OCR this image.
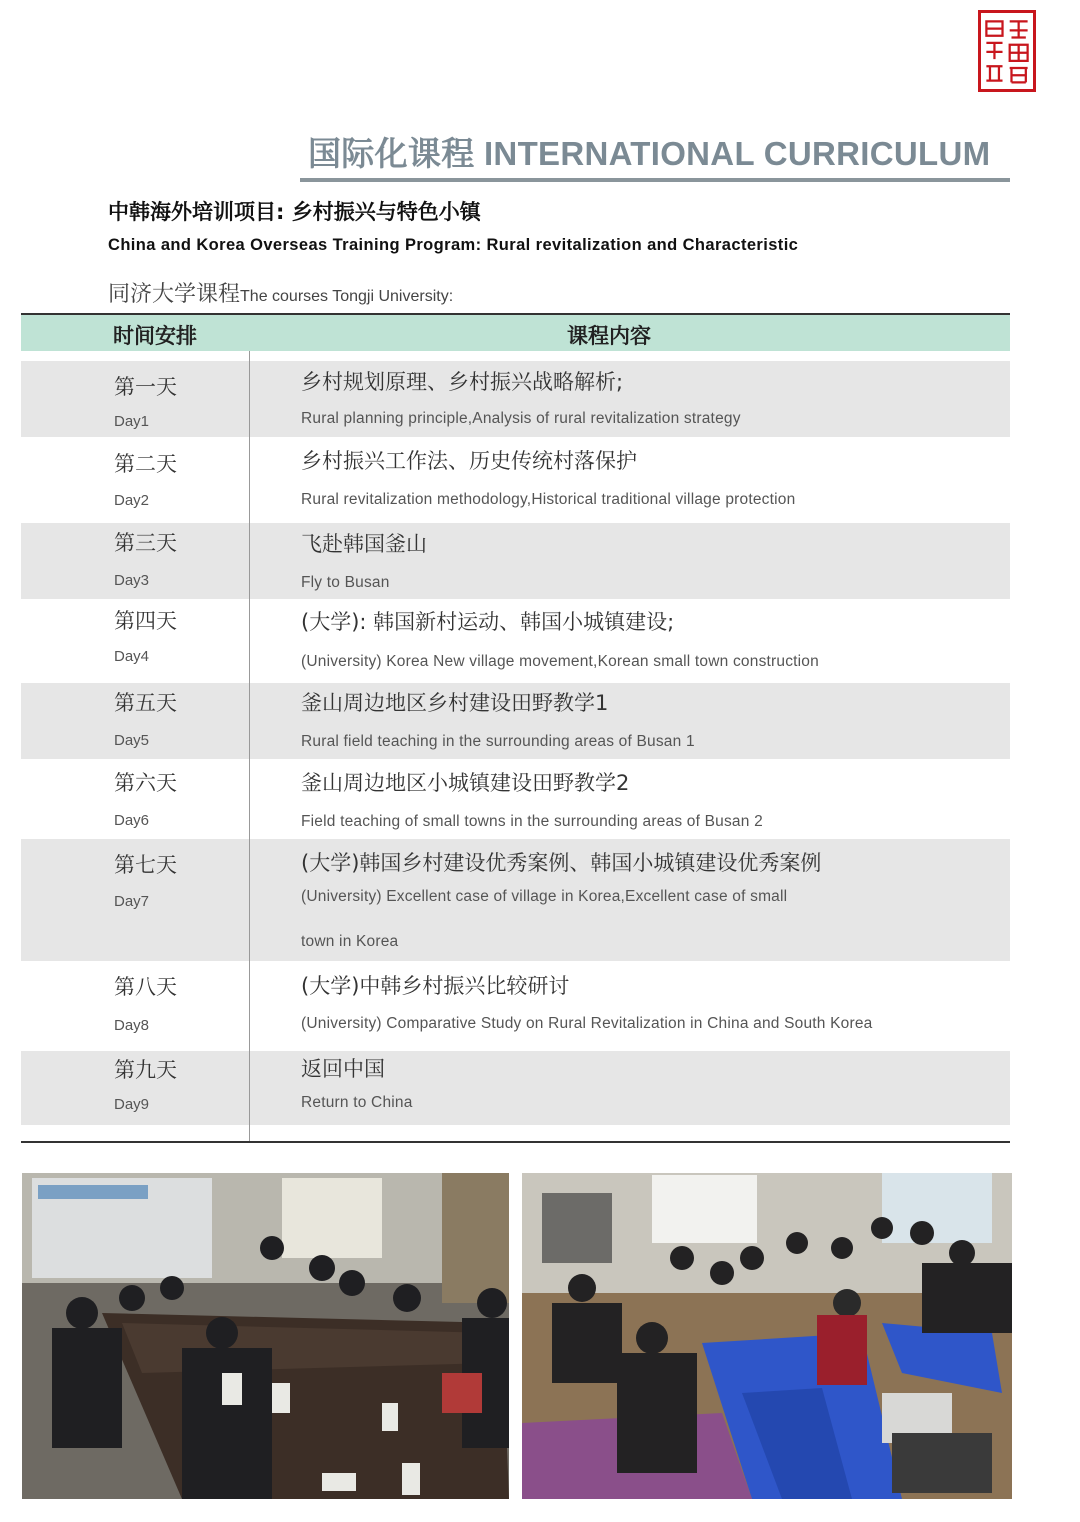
国际化课程 INTERNATIONAL CURRICULUM
中韩海外培训项目: 乡村振兴与特色小镇
China and Korea Overseas Training Program: Rural revitalization and Characteristic
同济大学课程The courses Tongji University:
时间安排	课程内容
第一天
Day1
乡村规划原理、乡村振兴战略解析;
Rural planning principle,Analysis of rural revitalization strategy
第二天
Day2
乡村振兴工作法、历史传统村落保护
Rural revitalization methodology,Historical traditional village protection
第三天
Day3
飞赴韩国釜山
Fly to Busan
第四天
Day4
(大学): 韩国新村运动、韩国小城镇建设;
(University) Korea New village movement,Korean small town construction
第五天
Day5
釜山周边地区乡村建设田野教学1
Rural field teaching in the surrounding areas of Busan 1
第六天
Day6
釜山周边地区小城镇建设田野教学2
Field teaching of small towns in the surrounding areas of Busan 2
第七天
Day7
(大学)韩国乡村建设优秀案例、韩国小城镇建设优秀案例
(University) Excellent case of village in Korea,Excellent case of small
town in Korea
第八天
Day8
(大学)中韩乡村振兴比较研讨
(University) Comparative Study on Rural Revitalization in China and South Korea
第九天
Day9
返回中国
Return to China
